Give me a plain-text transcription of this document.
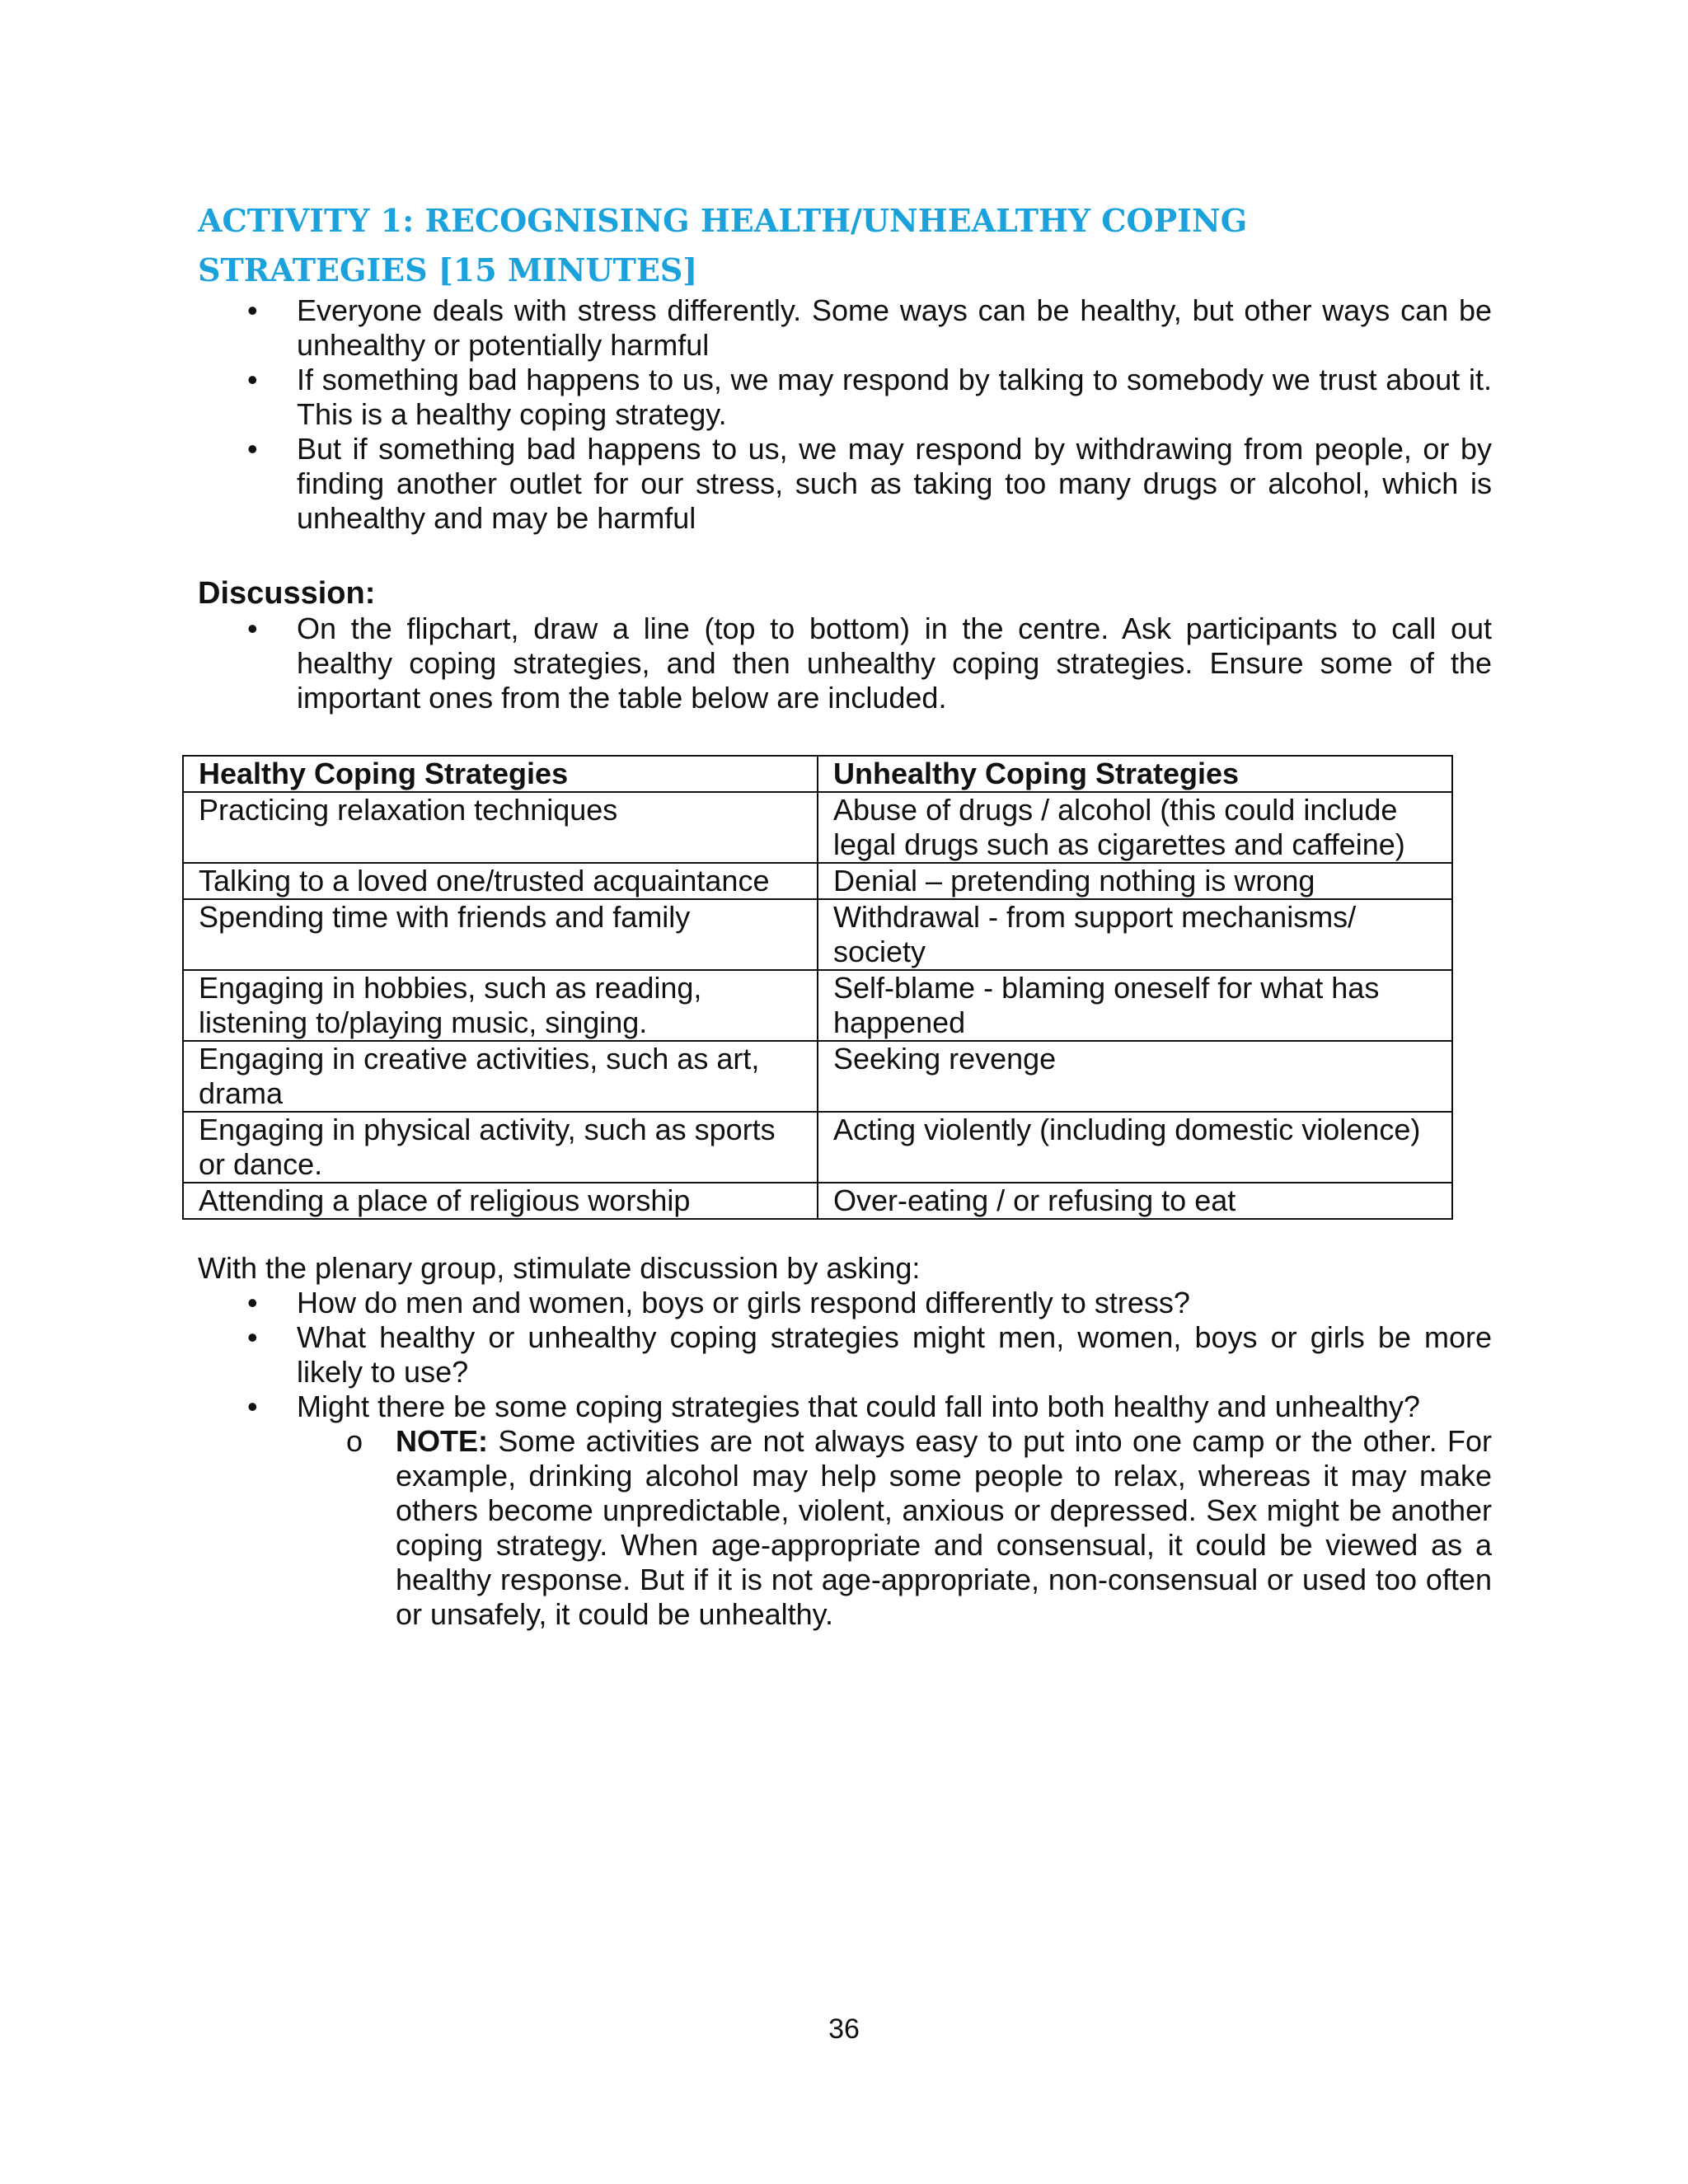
ACTIVITY 1: RECOGNISING HEALTH/UNHEALTHY COPING STRATEGIES [15 MINUTES]
• Everyone deals with stress differently. Some ways can be healthy, but other ways can be unhealthy or potentially harmful
• If something bad happens to us, we may respond by talking to somebody we trust about it. This is a healthy coping strategy.
• But if something bad happens to us, we may respond by withdrawing from people, or by finding another outlet for our stress, such as taking too many drugs or alcohol, which is unhealthy and may be harmful

Discussion:

• On the flipchart, draw a line (top to bottom) in the centre. Ask participants to call out healthy coping strategies, and then unhealthy coping strategies. Ensure some of the important ones from the table below are included.
Healthy Coping Strategies	Unhealthy Coping Strategies
Practicing relaxation techniques	Abuse of drugs / alcohol (this could include legal drugs such as cigarettes and caffeine)
Talking to a loved one/trusted acquaintance	Denial – pretending nothing is wrong
Spending time with friends and family	Withdrawal - from support mechanisms/ society
Engaging in hobbies, such as reading, listening to/playing music, singing.	Self-blame - blaming oneself for what has happened
Engaging in creative activities, such as art, drama	Seeking revenge
Engaging in physical activity, such as sports or dance.	Acting violently (including domestic violence)
Attending a place of religious worship	Over-eating / or refusing to eat

With the plenary group, stimulate discussion by asking:

• How do men and women, boys or girls respond differently to stress?
• What healthy or unhealthy coping strategies might men, women, boys or girls be more likely to use?
• Might there be some coping strategies that could fall into both healthy and unhealthy?
o NOTE: Some activities are not always easy to put into one camp or the other. For example, drinking alcohol may help some people to relax, whereas it may make others become unpredictable, violent, anxious or depressed. Sex might be another coping strategy. When age-appropriate and consensual, it could be viewed as a healthy response. But if it is not age-appropriate, non-consensual or used too often or unsafely, it could be unhealthy.
36
